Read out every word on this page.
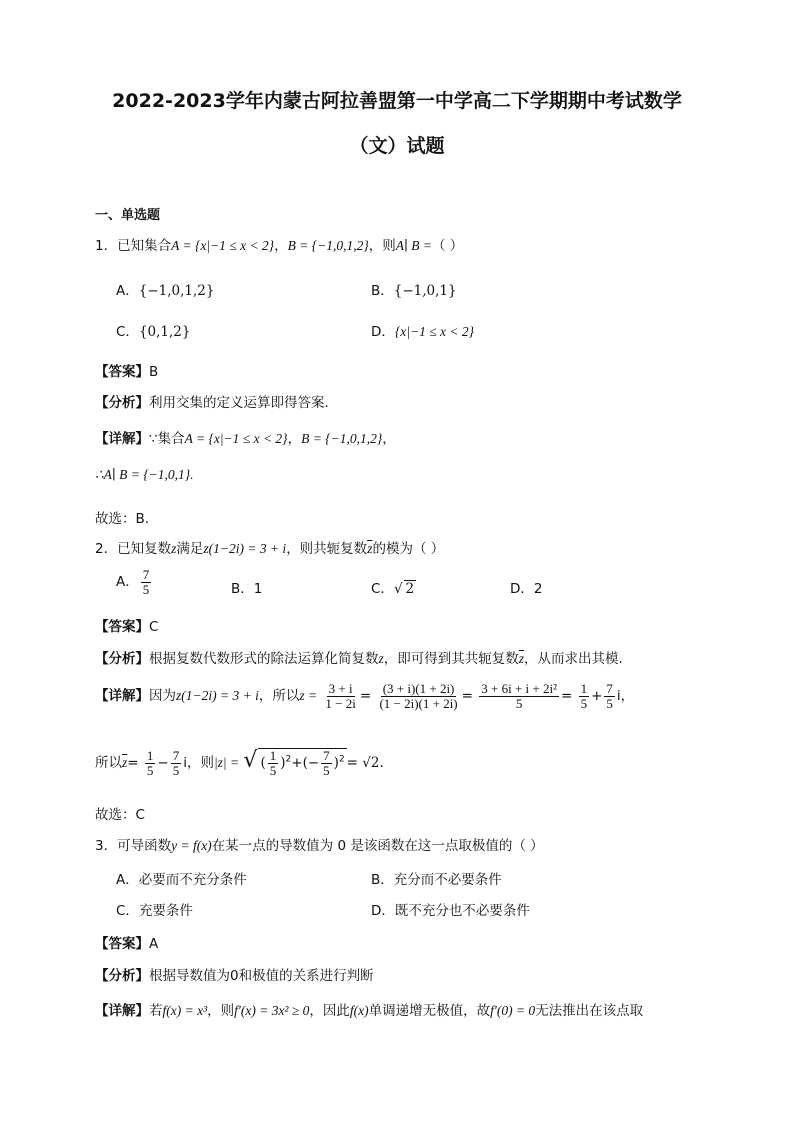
2022-2023学年内蒙古阿拉善盟第一中学高二下学期期中考试数学
（文）试题
一、单选题
1．已知集合A = {x|−1 ≤ x < 2}，B = {−1,0,1,2}，则A∣ B =（ ）
A．{−1,0,1,2}	B．{−1,0,1}
C．{0,1,2}	D．{x|−1 ≤ x < 2}
【答案】B
【分析】利用交集的定义运算即得答案.
【详解】∵集合A = {x|−1 ≤ x < 2}，B = {−1,0,1,2}，
∴A∣ B = {−1,0,1}.
故选：B.
2．已知复数z满足z(1−2i) = 3 + i，则共轭复数$\overline{z}$的模为（ ）
A． $\frac{7}{5}$	B．1	C．√ 2	D．2
【答案】C
【分析】根据复数代数形式的除法运算化简复数z，即可得到其共轭复数$\overline{z}$，从而求出其模.
【详解】因为z(1−2i) = 3 + i，所以$z = \frac{3 + i}{1 - 2i} = \frac{(3 + i)(1 + 2i)}{(1 - 2i)(1 + 2i)} = \frac{\text{3 + 6i + i + 2i²}}{5} = \frac{1}{5} + \frac{7}{5}$ i，
所以$\overline{z}= \frac{1}{5} - \frac{7}{5}$ i，则|z| = √ ( $\frac{1}{5} )^2+(- \frac{7}{5} )^2 = √2$.
故选：C
3．可导函数y = f(x)在某一点的导数值为 0 是该函数在这一点取极值的（ ）
A．必要而不充分条件	B．充分而不必要条件
C．充要条件	D．既不充分也不必要条件
【答案】A
【分析】根据导数值为0和极值的关系进行判断
【详解】若f(x) = x³，则f′(x) = 3x² ≥ 0，因此f(x)单调递增无极值，故f′(0) = 0无法推出在该点取
